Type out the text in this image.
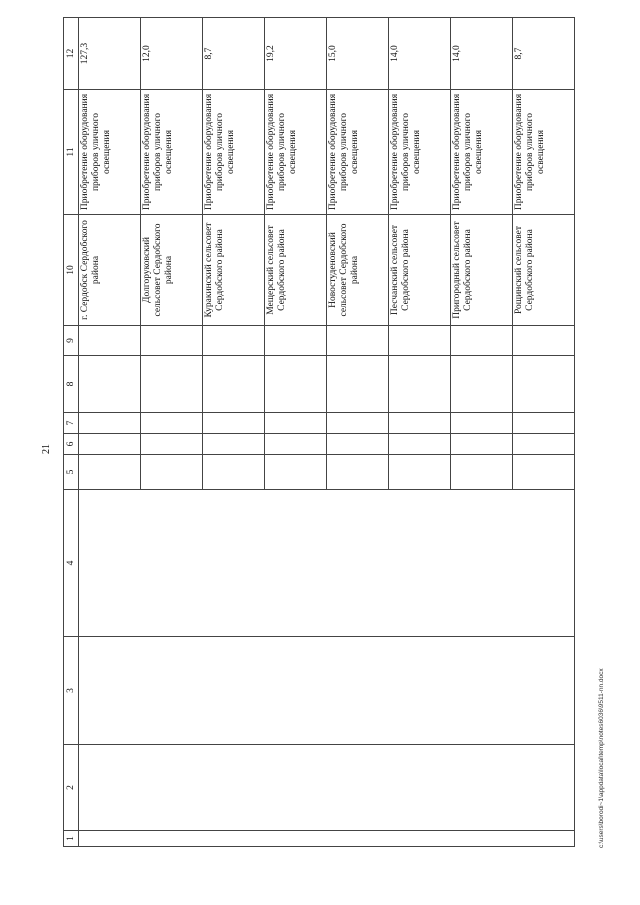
21
1	2	3	4	5	6	7	8	9	10	11	12
									г. Сердобск Сердобского района	Приобретение оборудования приборов уличного освещения	127,3
									Долгоруковский сельсовет Сердобского района	Приобретение оборудования приборов уличного освещения	12,0
									Куракинский сельсовет Сердобского района	Приобретение оборудования приборов уличного освещения	8,7
									Мещерский сельсовет Сердобского района	Приобретение оборудования приборов уличного освещения	19,2
									Новостуденовский сельсовет Сердобского района	Приобретение оборудования приборов уличного освещения	15,0
									Песчанский сельсовет Сердобского района	Приобретение оборудования приборов уличного освещения	14,0
									Пригородный сельсовет Сердобского района	Приобретение оборудования приборов уличного освещения	14,0
									Рощинский сельсовет Сердобского района	Приобретение оборудования приборов уличного освещения	8,7
c:\users\borodi~1\appdata\local\temp\notes6036\9511-nn.docx
